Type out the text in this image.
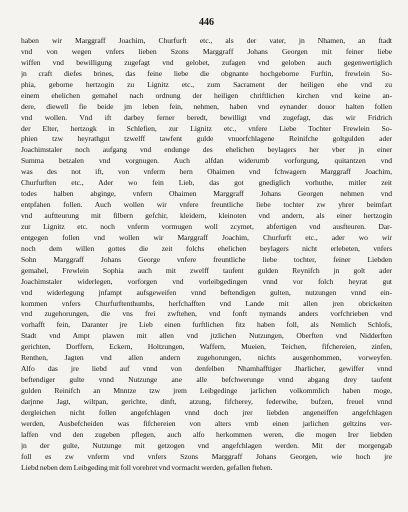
446
haben wir Marggraff Joachim, Churfurft etc., als der vater, jn Nhamen, an ftadt
vnd von wegen vnfers lieben Szons Marggraff Johans Georgen mit feiner liebe
wiffen vnd bewilligung zugefagt vnd gelobet, zufagen vnd geloben auch gegenwertiglich
jn craft diefes brines, das feine liebe die obgnante hochgeborne Furftin, frewlein So-
phia, geborne hertzogin zu Lignitz etc., zum Sacrament der heiligen ehe vnd zu
einem ehelichen gemahel nach ordnung der heiligen chriftlichen kirchen vnd keine an-
dere, diewell fie beide jm leben fein, nehmen, haben vnd eynander douor halten follen
vnd wollen. Vnd ift darbey ferner beredt, bewilligt vnd zugefagt, das wir Fridrich
der Elter, hertzogk in Schlefien, zur Lignitz etc., vnfere Liebe Tochter Frewlein So-
phien tzw heyrathgut tzwelff tawfent gulde vnuorfchlagene Reinifche goltgulden ader
Joachimstaler noch aufgang vnd endunge des ehelichen beylagers her vber jn einer
Summa betzalen vnd vorgnugen. Auch alfdan widerumb vorforgung, quitantzen vnd
was des not ift, von vnferm hern Ohaimen vnd fchwagern Marggraff Joachim,
Churfurften etc., Ader wo fein Lieb, das got gnediglich vorhuthe, mitler zeit
todes halben abginge, vnfern Ohaimen Marggraff Johans Georgen nehmen vnd
entpfahen follen. Auch wollen wir vnfere freuntliche liebe tochter zw yhrer beimfart
vnd auftteurung mit filbern gefchir, kleidern, kleinoten vnd andern, als einer hertzogin
zur Lignitz etc. noch vnferm vormugen woll zcymet, abfertigen vnd ausfteuren. Dar-
entgegen follen vnd wollen wir Marggraff Joachim, Churfurft etc., ader wo wir
noch dem willen gottes die zeit folchs ehelichen beylagers nicht erlebeten, vnfers
Sohn Marggraff Johans George vnfere freuntliche liebe tochter, feiner Liebden
gemahel, Frewlein Sophia auch mit zwelff taufent gulden Reynifch jn golt ader
Joachimstaler widerlegen, vorforgen vnd vorleibgedingen vnnd vor folch heyrat gut
vnd widerlegung jnfampt aufsgeweifen vnnd beftendigen gulten, nutzungen vnnd ein-
kommen vnfers Churfurftenthumbs, herfchafften vnd Lande mit allen jren obrickeiten
vnd zugehorungen, die vns frei zwftehen, vnd fonft nymands anders vorfchrieben vnd
vorhafft fein, Daranter jre Lieb einen furftlichen fitz haben foll, als Nemlich Schlofs,
Stadt vnd Ampt plawen mit allen vnd jtzlichen Nutzungen, Oberften vnd Nidderften
gerichten, Dorffern, Eckern, Holtzungen, Waffern, Mueien, Teichen, fifchereien, zinfen,
Renthen, Jagten vnd allen andern zugehorungen, nichts ausgenhommen, vorweyfen.
Alfo das jre liebd auf vnnd von denfelben Nhamhafftiger Jharlicher, gewiffer vnnd
beftendiger gulte vnnd Nutzunge ane alle befchwerunge vnnd abgang drey taufent
gulden Reinifch an Mnntze tzw jrem Leibgedinge jarlichen volkommlich haben moge,
darjnne Jagt, wiltpan, gerichte, dinft, atzung, fifcherey, federwihe, bufzen, freuel vnnd
dergleichen nicht follen angefchlagen vnnd doch jrer liebden angeneiffen angefchlagen
werden, Ausbefcheiden was fifchereien von alters vmb einen jarlichen geltzins ver-
laffen vnd den zugeben pflegen, auch alfo herkommen weren, die mogen Irer liebden
jn der gulte, Nutzunge mit getzogen vnd angefchlagen werden. Mit der morgengab
foll es zw vnferm vnd vnfers Szons Marggraff Johans Georgen, wie hoch jre
Liebd neben dem Leibgeding mit foll vorehret vnd vormacht werden, gefallen ftehen.
